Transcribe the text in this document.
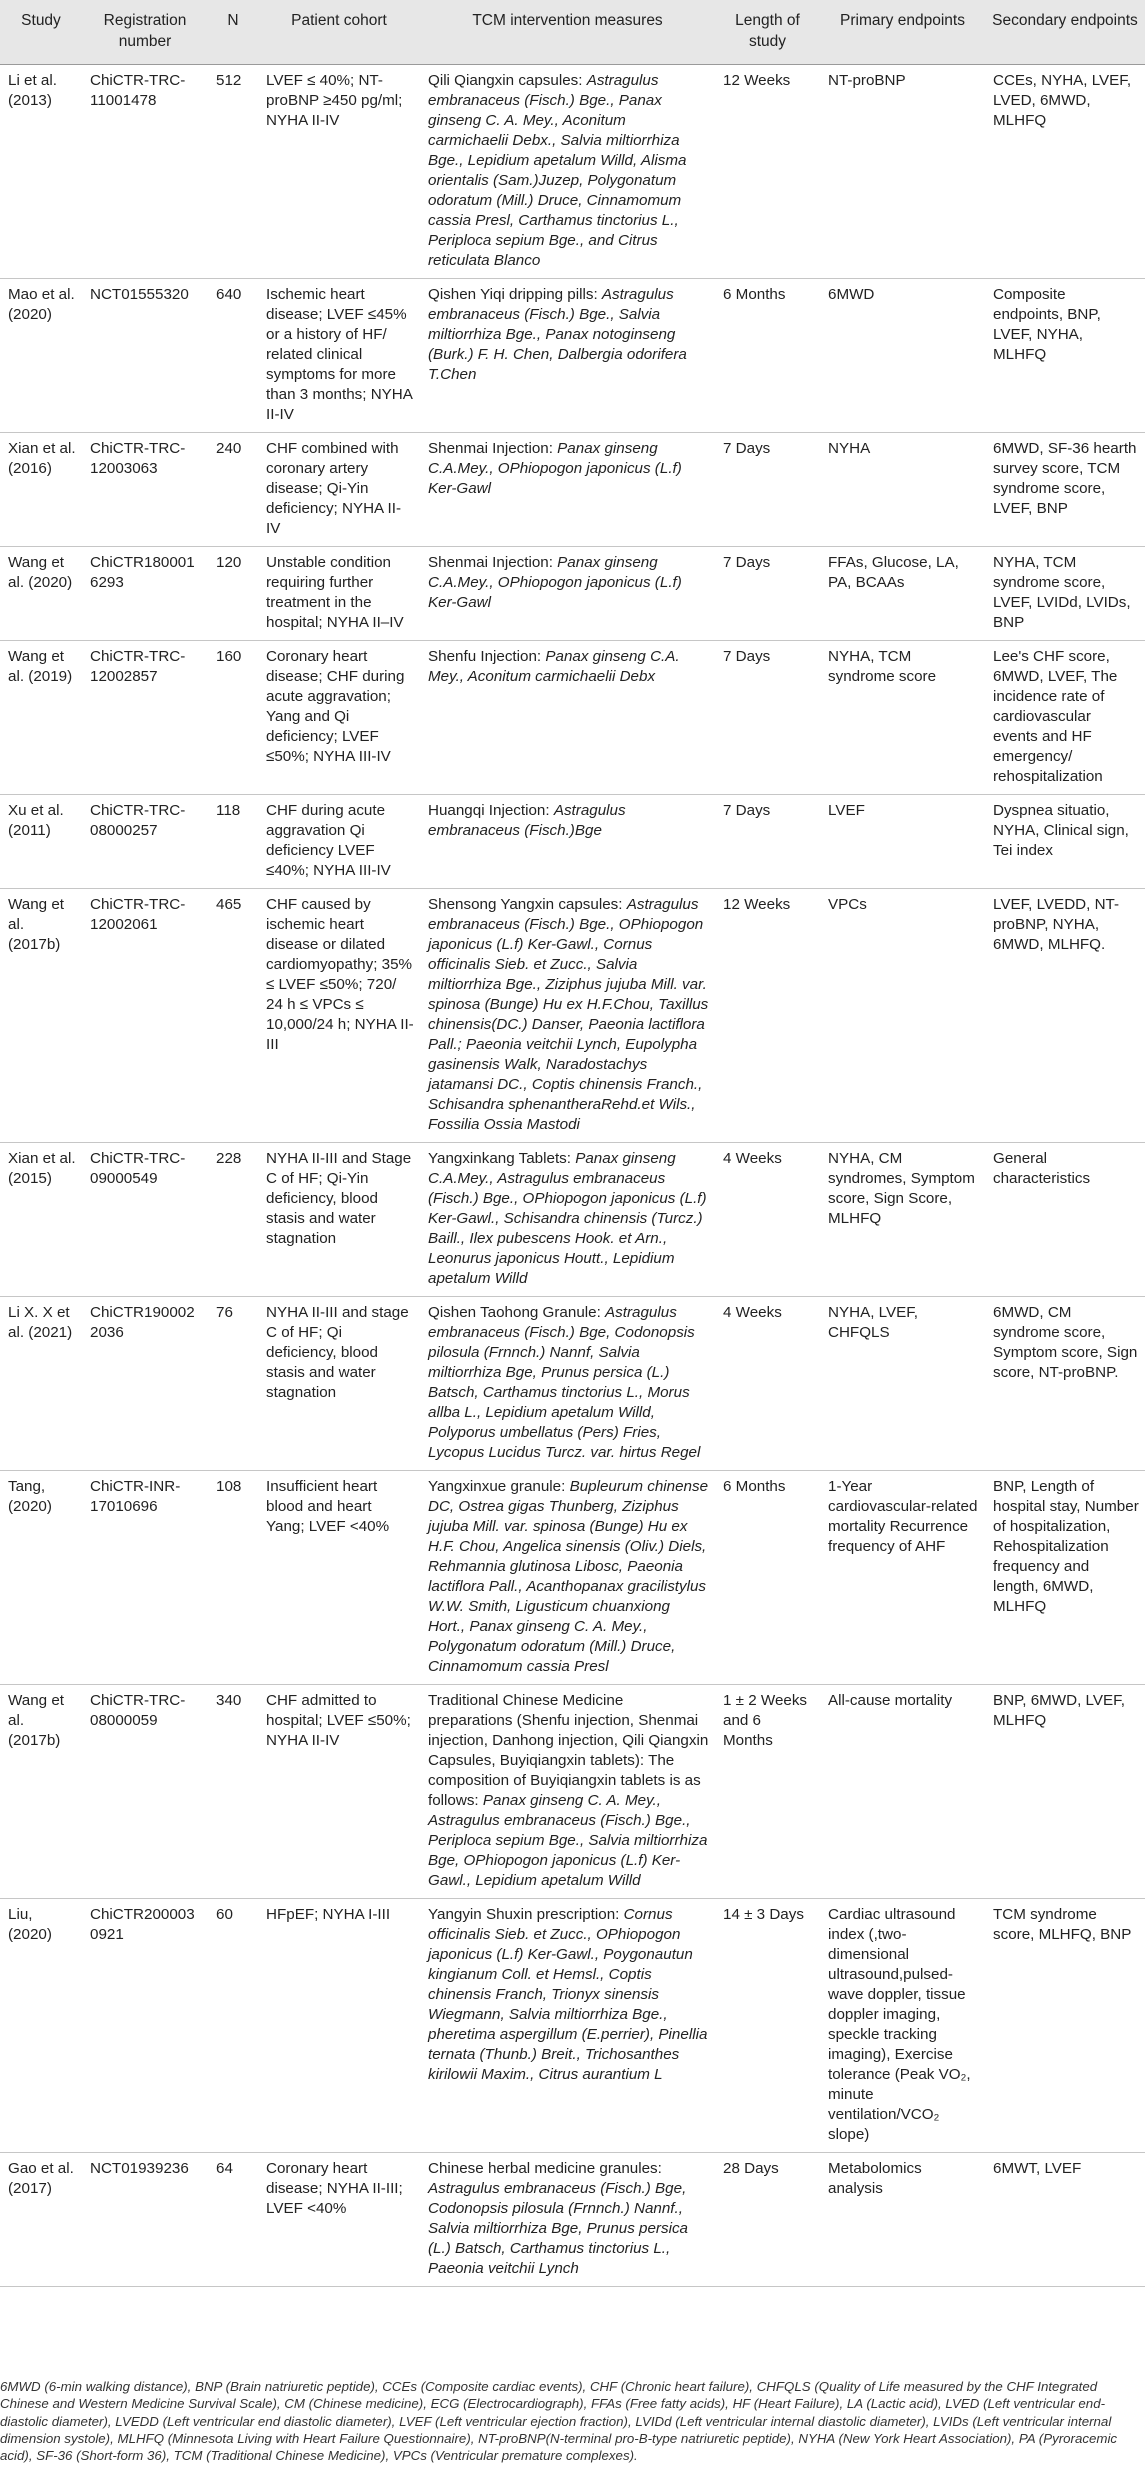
Study	Registration number	N	Patient cohort	TCM intervention measures	Length of study	Primary endpoints	Secondary endpoints
Li et al. (2013)	ChiCTR-TRC-11001478	512	LVEF ≤ 40%; NT-proBNP ≥450 pg/ml; NYHA II-IV	Qili Qiangxin capsules: Astragulus embranaceus (Fisch.) Bge., Panax ginseng C. A. Mey., Aconitum carmichaelii Debx., Salvia miltiorrhiza Bge., Lepidium apetalum Willd, Alisma orientalis (Sam.)Juzep, Polygonatum odoratum (Mill.) Druce, Cinnamomum cassia Presl, Carthamus tinctorius L., Periploca sepium Bge., and Citrus reticulata Blanco	12 Weeks	NT-proBNP	CCEs, NYHA, LVEF, LVED, 6MWD, MLHFQ
Mao et al. (2020)	NCT01555320	640	Ischemic heart disease; LVEF ≤45% or a history of HF/ related clinical symptoms for more than 3 months; NYHA II-IV	Qishen Yiqi dripping pills: Astragulus embranaceus (Fisch.) Bge., Salvia miltiorrhiza Bge., Panax notoginseng (Burk.) F. H. Chen, Dalbergia odorifera T.Chen	6 Months	6MWD	Composite endpoints, BNP, LVEF, NYHA, MLHFQ
Xian et al. (2016)	ChiCTR-TRC-12003063	240	CHF combined with coronary artery disease; Qi-Yin deficiency; NYHA II-IV	Shenmai Injection: Panax ginseng C.A.Mey., OPhiopogon japonicus (L.f) Ker-Gawl	7 Days	NYHA	6MWD, SF-36 hearth survey score, TCM syndrome score, LVEF, BNP
Wang et al. (2020)	ChiCTR1800016293	120	Unstable condition requiring further treatment in the hospital; NYHA II–IV	Shenmai Injection: Panax ginseng C.A.Mey., OPhiopogon japonicus (L.f) Ker-Gawl	7 Days	FFAs, Glucose, LA, PA, BCAAs	NYHA, TCM syndrome score, LVEF, LVIDd, LVIDs, BNP
Wang et al. (2019)	ChiCTR-TRC-12002857	160	Coronary heart disease; CHF during acute aggravation; Yang and Qi deficiency; LVEF ≤50%; NYHA III-IV	Shenfu Injection: Panax ginseng C.A. Mey., Aconitum carmichaelii Debx	7 Days	NYHA, TCM syndrome score	Lee's CHF score, 6MWD, LVEF, The incidence rate of cardiovascular events and HF emergency/ rehospitalization
Xu et al. (2011)	ChiCTR-TRC-08000257	118	CHF during acute aggravation Qi deficiency LVEF ≤40%; NYHA III-IV	Huangqi Injection: Astragulus embranaceus (Fisch.)Bge	7 Days	LVEF	Dyspnea situatio, NYHA, Clinical sign, Tei index
Wang et al. (2017b)	ChiCTR-TRC-12002061	465	CHF caused by ischemic heart disease or dilated cardiomyopathy; 35% ≤ LVEF ≤50%; 720/ 24 h ≤ VPCs ≤ 10,000/24 h; NYHA II-III	Shensong Yangxin capsules: Astragulus embranaceus (Fisch.) Bge., OPhiopogon japonicus (L.f) Ker-Gawl., Cornus officinalis Sieb. et Zucc., Salvia miltiorrhiza Bge., Ziziphus jujuba Mill. var. spinosa (Bunge) Hu ex H.F.Chou, Taxillus chinensis(DC.) Danser, Paeonia lactiflora Pall.; Paeonia veitchii Lynch, Eupolypha gasinensis Walk, Naradostachys jatamansi DC., Coptis chinensis Franch., Schisandra sphenantheraRehd.et Wils., Fossilia Ossia Mastodi	12 Weeks	VPCs	LVEF, LVEDD, NT-proBNP, NYHA, 6MWD, MLHFQ.
Xian et al. (2015)	ChiCTR-TRC-09000549	228	NYHA II-III and Stage C of HF; Qi-Yin deficiency, blood stasis and water stagnation	Yangxinkang Tablets: Panax ginseng C.A.Mey., Astragulus embranaceus (Fisch.) Bge., OPhiopogon japonicus (L.f) Ker-Gawl., Schisandra chinensis (Turcz.) Baill., Ilex pubescens Hook. et Arn., Leonurus japonicus Houtt., Lepidium apetalum Willd	4 Weeks	NYHA, CM syndromes, Symptom score, Sign Score, MLHFQ	General characteristics
Li X. X et al. (2021)	ChiCTR1900022036	76	NYHA II-III and stage C of HF; Qi deficiency, blood stasis and water stagnation	Qishen Taohong Granule: Astragulus embranaceus (Fisch.) Bge, Codonopsis pilosula (Frnnch.) Nannf, Salvia miltiorrhiza Bge, Prunus persica (L.) Batsch, Carthamus tinctorius L., Morus allba L., Lepidium apetalum Willd, Polyporus umbellatus (Pers) Fries, Lycopus Lucidus Turcz. var. hirtus Regel	4 Weeks	NYHA, LVEF, CHFQLS	6MWD, CM syndrome score, Symptom score, Sign score, NT-proBNP.
Tang, (2020)	ChiCTR-INR-17010696	108	Insufficient heart blood and heart Yang; LVEF <40%	Yangxinxue granule: Bupleurum chinense DC, Ostrea gigas Thunberg, Ziziphus jujuba Mill. var. spinosa (Bunge) Hu ex H.F. Chou, Angelica sinensis (Oliv.) Diels, Rehmannia glutinosa Libosc, Paeonia lactiflora Pall., Acanthopanax gracilistylus W.W. Smith, Ligusticum chuanxiong Hort., Panax ginseng C. A. Mey., Polygonatum odoratum (Mill.) Druce, Cinnamomum cassia Presl	6 Months	1-Year cardiovascular-related mortality Recurrence frequency of AHF	BNP, Length of hospital stay, Number of hospitalization, Rehospitalization frequency and length, 6MWD, MLHFQ
Wang et al. (2017b)	ChiCTR-TRC-08000059	340	CHF admitted to hospital; LVEF ≤50%; NYHA II-IV	Traditional Chinese Medicine preparations (Shenfu injection, Shenmai injection, Danhong injection, Qili Qiangxin Capsules, Buyiqiangxin tablets): The composition of Buyiqiangxin tablets is as follows: Panax ginseng C. A. Mey., Astragulus embranaceus (Fisch.) Bge., Periploca sepium Bge., Salvia miltiorrhiza Bge, OPhiopogon japonicus (L.f) Ker-Gawl., Lepidium apetalum Willd	1 ± 2 Weeks and 6 Months	All-cause mortality	BNP, 6MWD, LVEF, MLHFQ
Liu, (2020)	ChiCTR2000030921	60	HFpEF; NYHA I-III	Yangyin Shuxin prescription: Cornus officinalis Sieb. et Zucc., OPhiopogon japonicus (L.f) Ker-Gawl., Poygonautun kingianum Coll. et Hemsl., Coptis chinensis Franch, Trionyx sinensis Wiegmann, Salvia miltiorrhiza Bge., pheretima aspergillum (E.perrier), Pinellia ternata (Thunb.) Breit., Trichosanthes kirilowii Maxim., Citrus aurantium L	14 ± 3 Days	Cardiac ultrasound index (,two-dimensional ultrasound,pulsed-wave doppler, tissue doppler imaging, speckle tracking imaging), Exercise tolerance (Peak VO₂, minute ventilation/VCO₂ slope)	TCM syndrome score, MLHFQ, BNP
Gao et al. (2017)	NCT01939236	64	Coronary heart disease; NYHA II-III; LVEF <40%	Chinese herbal medicine granules: Astragulus embranaceus (Fisch.) Bge, Codonopsis pilosula (Frnnch.) Nannf., Salvia miltiorrhiza Bge, Prunus persica (L.) Batsch, Carthamus tinctorius L., Paeonia veitchii Lynch	28 Days	Metabolomics analysis	6MWT, LVEF
6MWD (6-min walking distance), BNP (Brain natriuretic peptide), CCEs (Composite cardiac events), CHF (Chronic heart failure), CHFQLS (Quality of Life measured by the CHF Integrated Chinese and Western Medicine Survival Scale), CM (Chinese medicine), ECG (Electrocardiograph), FFAs (Free fatty acids), HF (Heart Failure), LA (Lactic acid), LVED (Left ventricular end-diastolic diameter), LVEDD (Left ventricular end diastolic diameter), LVEF (Left ventricular ejection fraction), LVIDd (Left ventricular internal diastolic diameter), LVIDs (Left ventricular internal dimension systole), MLHFQ (Minnesota Living with Heart Failure Questionnaire), NT-proBNP(N-terminal pro-B-type natriuretic peptide), NYHA (New York Heart Association), PA (Pyroracemic acid), SF-36 (Short-form 36), TCM (Traditional Chinese Medicine), VPCs (Ventricular premature complexes).
